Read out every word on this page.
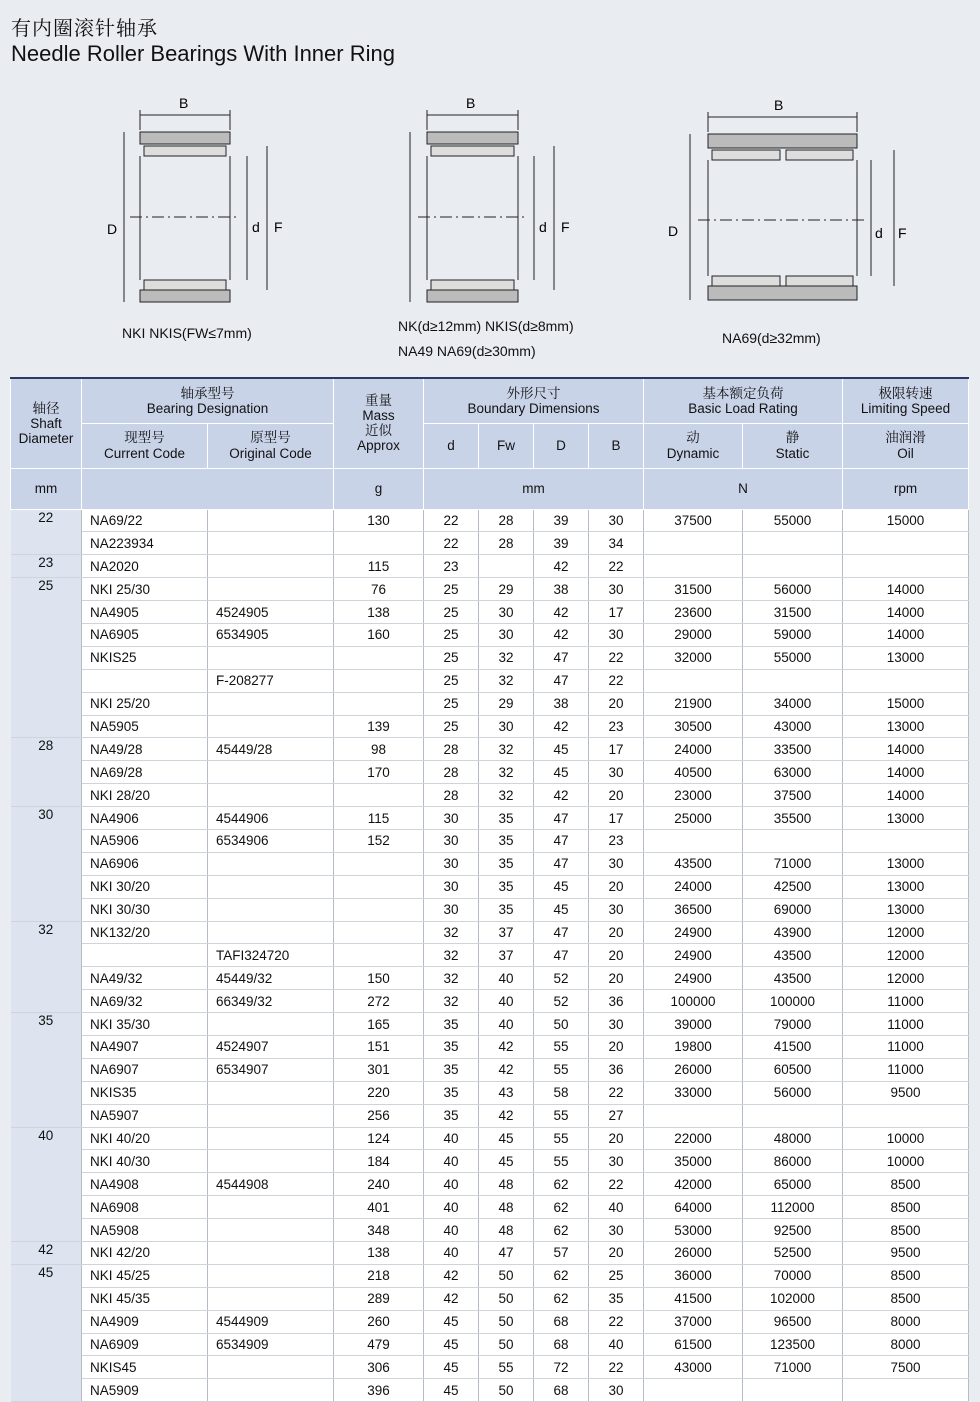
有内圈滚针轴承
Needle Roller Bearings With Inner Ring
D
B
d F
NKI NKIS(FW≤7mm)
B
d F
NK(d≥12mm) NKIS(d≥8mm)
NA49 NA69(d≥30mm)
D
B
d F
NA69(d≥32mm)
轴径
Shaft
Diameter	轴承型号
Bearing Designation		重量
Mass
近似
Approx	外形尺寸
Boundary Dimensions				基本额定负荷
Basic Load Rating		极限转速
Limiting Speed

	现型号
Current Code	原型号
Original Code		d	Fw	D	B	动
Dynamic	静
Static	油润滑
Oil

mm			g	mm				N		rpm
22	NA69/22		130	22	28	39	30	37500	55000	15000
	NA223934			22	28	39	34			
23	NA2020		115	23		42	22			
25	NKI 25/30		76	25	29	38	30	31500	56000	14000
	NA4905	4524905	138	25	30	42	17	23600	31500	14000
	NA6905	6534905	160	25	30	42	30	29000	59000	14000
	NKIS25			25	32	47	22	32000	55000	13000
		F-208277		25	32	47	22			
	NKI 25/20			25	29	38	20	21900	34000	15000
	NA5905		139	25	30	42	23	30500	43000	13000
28	NA49/28	45449/28	98	28	32	45	17	24000	33500	14000
	NA69/28		170	28	32	45	30	40500	63000	14000
	NKI 28/20			28	32	42	20	23000	37500	14000
30	NA4906	4544906	115	30	35	47	17	25000	35500	13000
	NA5906	6534906	152	30	35	47	23			
	NA6906			30	35	47	30	43500	71000	13000
	NKI 30/20			30	35	45	20	24000	42500	13000
	NKI 30/30			30	35	45	30	36500	69000	13000
32	NK132/20			32	37	47	20	24900	43900	12000
		TAFI324720		32	37	47	20	24900	43500	12000
	NA49/32	45449/32	150	32	40	52	20	24900	43500	12000
	NA69/32	66349/32	272	32	40	52	36	100000	100000	11000
35	NKI 35/30		165	35	40	50	30	39000	79000	11000
	NA4907	4524907	151	35	42	55	20	19800	41500	11000
	NA6907	6534907	301	35	42	55	36	26000	60500	11000
	NKIS35		220	35	43	58	22	33000	56000	9500
	NA5907		256	35	42	55	27			
40	NKI 40/20		124	40	45	55	20	22000	48000	10000
	NKI 40/30		184	40	45	55	30	35000	86000	10000
	NA4908	4544908	240	40	48	62	22	42000	65000	8500
	NA6908		401	40	48	62	40	64000	112000	8500
	NA5908		348	40	48	62	30	53000	92500	8500
42	NKI 42/20		138	40	47	57	20	26000	52500	9500
45	NKI 45/25		218	42	50	62	25	36000	70000	8500
	NKI 45/35		289	42	50	62	35	41500	102000	8500
	NA4909	4544909	260	45	50	68	22	37000	96500	8000
	NA6909	6534909	479	45	50	68	40	61500	123500	8000
	NKIS45		306	45	55	72	22	43000	71000	7500
	NA5909		396	45	50	68	30			
